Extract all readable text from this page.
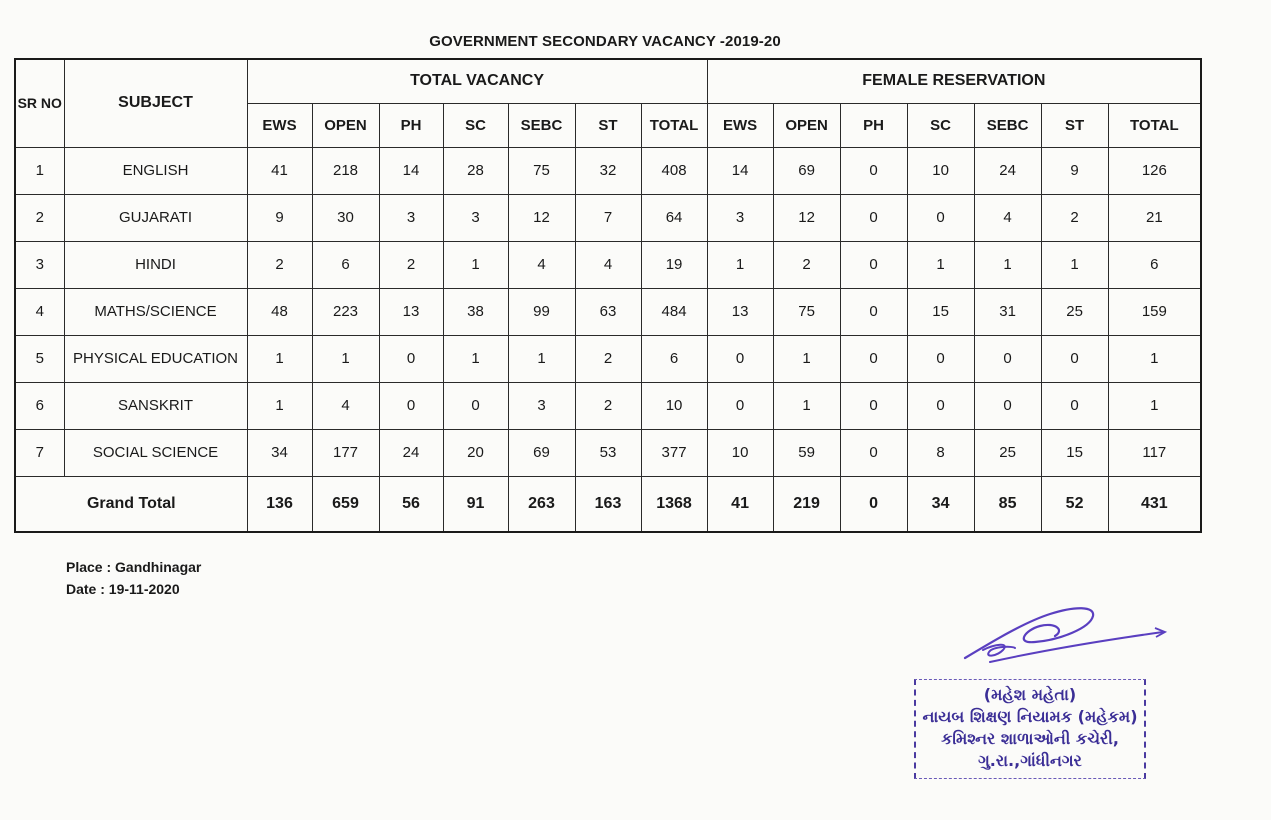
GOVERNMENT SECONDARY VACANCY -2019-20
SR NO	SUBJECT	TOTAL VACANCY							FEMALE RESERVATION						
		EWS	OPEN	PH	SC	SEBC	ST	TOTAL	EWS	OPEN	PH	SC	SEBC	ST	TOTAL
1	ENGLISH	41	218	14	28	75	32	408	14	69	0	10	24	9	126
2	GUJARATI	9	30	3	3	12	7	64	3	12	0	0	4	2	21
3	HINDI	2	6	2	1	4	4	19	1	2	0	1	1	1	6
4	MATHS/SCIENCE	48	223	13	38	99	63	484	13	75	0	15	31	25	159
5	PHYSICAL EDUCATION	1	1	0	1	1	2	6	0	1	0	0	0	0	1
6	SANSKRIT	1	4	0	0	3	2	10	0	1	0	0	0	0	1
7	SOCIAL SCIENCE	34	177	24	20	69	53	377	10	59	0	8	25	15	117
Grand Total		136	659	56	91	263	163	1368	41	219	0	34	85	52	431
Place : Gandhinagar
Date : 19-11-2020
(મહેશ મહેતા)
નાયબ શિક્ષણ નિયામક (મહેકમ)
કમિશ્નર શાળાઓની કચેરી,
ગુ.રા.,ગાંધીનગર
